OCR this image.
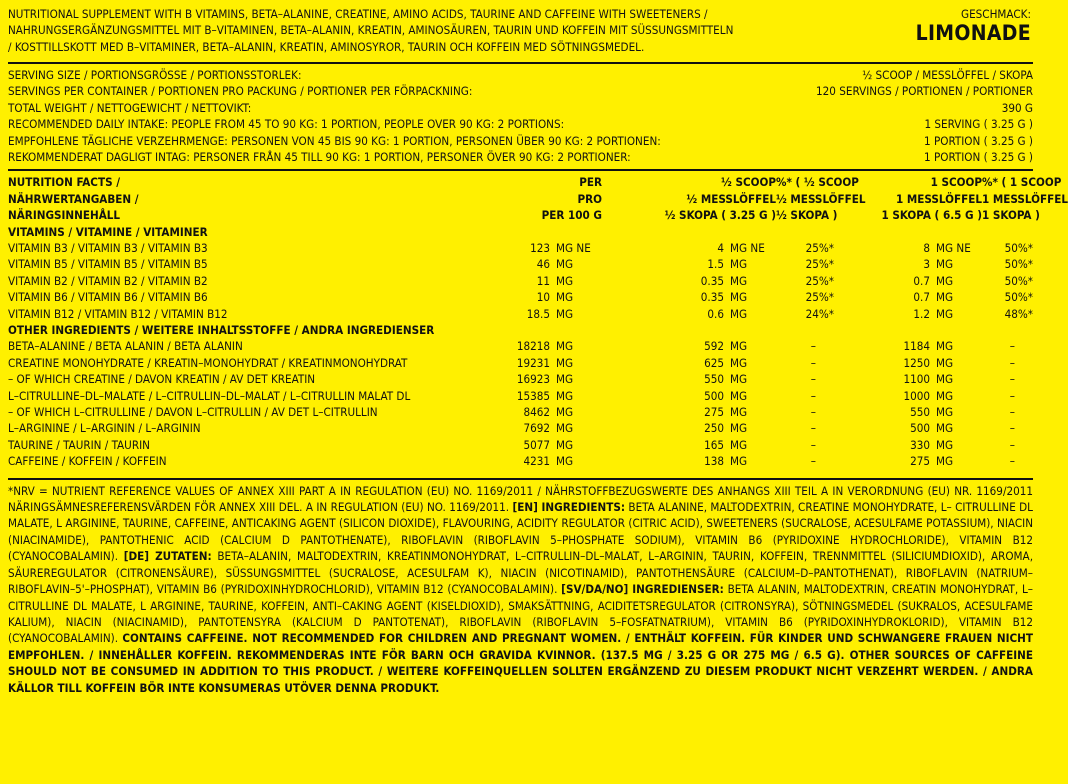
NUTRITIONAL SUPPLEMENT WITH B VITAMINS, BETA–ALANINE, CREATINE, AMINO ACIDS, TAURINE AND CAFFEINE WITH SWEETENERS /
NAHRUNGSERGÄNZUNGSMITTEL MIT B–VITAMINEN, BETA–ALANIN, KREATIN, AMINOSÄUREN, TAURIN UND KOFFEIN MIT SÜSSUNGSMITTELN
/ KOSTTILLSKOTT MED B–VITAMINER, BETA–ALANIN, KREATIN, AMINOSYROR, TAURIN OCH KOFFEIN MED SÖTNINGSMEDEL.
GESCHMACK:
LIMONADE
SERVING SIZE / PORTIONSGRÖSSE / PORTIONSSTORLEK:	½ SCOOP / MESSLÖFFEL / SKOPA
SERVINGS PER CONTAINER / PORTIONEN PRO PACKUNG / PORTIONER PER FÖRPACKNING:	120 SERVINGS / PORTIONEN / PORTIONER
TOTAL WEIGHT / NETTOGEWICHT / NETTOVIKT:	390 G
RECOMMENDED DAILY INTAKE: PEOPLE FROM 45 TO 90 KG: 1 PORTION, PEOPLE OVER 90 KG: 2 PORTIONS:	1 SERVING ( 3.25 G )
EMPFOHLENE TÄGLICHE VERZEHRMENGE: PERSONEN VON 45 BIS 90 KG: 1 PORTION, PERSONEN ÜBER 90 KG: 2 PORTIONEN:	1 PORTION ( 3.25 G )
REKOMMENDERAT DAGLIGT INTAG: PERSONER FRÅN 45 TILL 90 KG: 1 PORTION, PERSONER ÖVER 90 KG: 2 PORTIONER:	1 PORTION ( 3.25 G )
NUTRITION FACTS /	PER		½ SCOOP		%* ( ½ SCOOP	1 SCOOP		%* ( 1 SCOOP
NÄHRWERTANGABEN /	PRO		½ MESSLÖFFEL		½ MESSLÖFFEL	1 MESSLÖFFEL		1 MESSLÖFFEL
NÄRINGSINNEHÅLL	PER 100 G		½ SKOPA ( 3.25 G )		½ SKOPA )	1 SKOPA ( 6.5 G )		1 SKOPA )
VITAMINS / VITAMINE / VITAMINER								
VITAMIN B3 / VITAMIN B3 / VITAMIN B3	123	MG NE	4	MG NE	25%*	8	MG NE	50%*
VITAMIN B5 / VITAMIN B5 / VITAMIN B5	46	MG	1.5	MG	25%*	3	MG	50%*
VITAMIN B2 / VITAMIN B2 / VITAMIN B2	11	MG	0.35	MG	25%*	0.7	MG	50%*
VITAMIN B6 / VITAMIN B6 / VITAMIN B6	10	MG	0.35	MG	25%*	0.7	MG	50%*
VITAMIN B12 / VITAMIN B12 / VITAMIN B12	18.5	ΜG	0.6	ΜG	24%*	1.2	ΜG	48%*
OTHER INGREDIENTS / WEITERE INHALTSSTOFFE / ANDRA INGREDIENSER								
BETA–ALANINE / BETA ALANIN / BETA ALANIN	18218	MG	592	MG	–	1184	MG	–
CREATINE MONOHYDRATE / KREATIN–MONOHYDRAT / KREATINMONOHYDRAT	19231	MG	625	MG	–	1250	MG	–
– OF WHICH CREATINE / DAVON KREATIN / AV DET KREATIN	16923	MG	550	MG	–	1100	MG	–
L–CITRULLINE–DL–MALATE / L–CITRULLIN–DL–MALAT / L–CITRULLIN MALAT DL	15385	MG	500	MG	–	1000	MG	–
– OF WHICH L–CITRULLINE / DAVON L–CITRULLIN / AV DET L–CITRULLIN	8462	MG	275	MG	–	550	MG	–
L–ARGININE / L–ARGININ / L–ARGININ	7692	MG	250	MG	–	500	MG	–
TAURINE / TAURIN / TAURIN	5077	MG	165	MG	–	330	MG	–
CAFFEINE / KOFFEIN / KOFFEIN	4231	MG	138	MG	–	275	MG	–
*NRV = NUTRIENT REFERENCE VALUES OF ANNEX XIII PART A IN REGULATION (EU) NO. 1169/2011 / NÄHRSTOFFBEZUGSWERTE DES ANHANGS XIII TEIL A IN VERORDNUNG (EU) NR. 1169/2011 NÄRINGSÄMNESREFERENSVÄRDEN FÖR ANNEX XIII DEL. A IN REGULATION (EU) NO. 1169/2011. [EN] INGREDIENTS: BETA ALANINE, MALTODEXTRIN, CREATINE MONOHYDRATE, L– CITRULLINE DL MALATE, L ARGININE, TAURINE, CAFFEINE, ANTICAKING AGENT (SILICON DIOXIDE), FLAVOURING, ACIDITY REGULATOR (CITRIC ACID), SWEETENERS (SUCRALOSE, ACESULFAME POTASSIUM), NIACIN (NIACINAMIDE), PANTOTHENIC ACID (CALCIUM D PANTOTHENATE), RIBOFLAVIN (RIBOFLAVIN 5–PHOSPHATE SODIUM), VITAMIN B6 (PYRIDOXINE HYDROCHLORIDE), VITAMIN B12 (CYANOCOBALAMIN). [DE] ZUTATEN: BETA–ALANIN, MALTODEXTRIN, KREATINMONOHYDRAT, L–CITRULLIN–DL–MALAT, L–ARGININ, TAURIN, KOFFEIN, TRENNMITTEL (SILICIUMDIOXID), AROMA, SÄUREREGULATOR (CITRONENSÄURE), SÜSSUNGSMITTEL (SUCRALOSE, ACESULFAM K), NIACIN (NICOTINAMID), PANTOTHENSÄURE (CALCIUM–D–PANTOTHENAT), RIBOFLAVIN (NATRIUM–RIBOFLAVIN–5'–PHOSPHAT), VITAMIN B6 (PYRIDOXINHYDROCHLORID), VITAMIN B12 (CYANOCOBALAMIN). [SV/DA/NO] INGREDIENSER: BETA ALANIN, MALTODEXTRIN, CREATIN MONOHYDRAT, L–CITRULLINE DL MALATE, L ARGININE, TAURINE, KOFFEIN, ANTI–CAKING AGENT (KISELDIOXID), SMAKSÄTTNING, ACIDITETSREGULATOR (CITRONSYRA), SÖTNINGSMEDEL (SUKRALOS, ACESULFAME KALIUM), NIACIN (NIACINAMID), PANTOTENSYRA (KALCIUM D PANTOTENAT), RIBOFLAVIN (RIBOFLAVIN 5–FOSFATNATRIUM), VITAMIN B6 (PYRIDOXINHYDROKLORID), VITAMIN B12 (CYANOCOBALAMIN). CONTAINS CAFFEINE. NOT RECOMMENDED FOR CHILDREN AND PREGNANT WOMEN. / ENTHÄLT KOFFEIN. FÜR KINDER UND SCHWANGERE FRAUEN NICHT EMPFOHLEN. / INNEHÅLLER KOFFEIN. REKOMMENDERAS INTE FÖR BARN OCH GRAVIDA KVINNOR. (137.5 MG / 3.25 G OR 275 MG / 6.5 G). OTHER SOURCES OF CAFFEINE SHOULD NOT BE CONSUMED IN ADDITION TO THIS PRODUCT. / WEITERE KOFFEINQUELLEN SOLLTEN ERGÄNZEND ZU DIESEM PRODUKT NICHT VERZEHRT WERDEN. / ANDRA KÄLLOR TILL KOFFEIN BÖR INTE KONSUMERAS UTÖVER DENNA PRODUKT.
